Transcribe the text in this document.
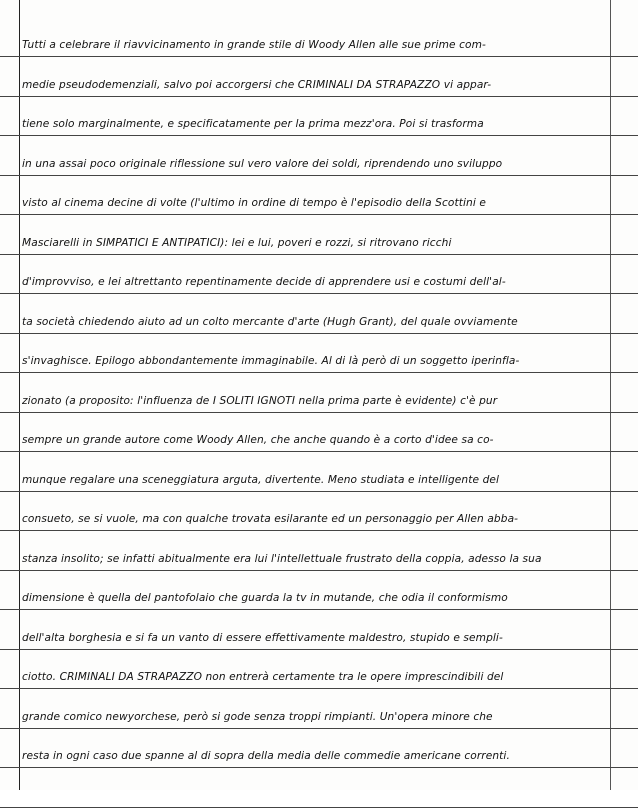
Tutti a celebrare il riavvicinamento in grande stile di Woody Allen alle sue prime com-
medie pseudodemenziali, salvo poi accorgersi che CRIMINALI DA STRAPAZZO vi appar-
tiene solo marginalmente, e specificatamente per la prima mezz'ora. Poi si trasforma
in una assai poco originale riflessione sul vero valore dei soldi, riprendendo uno sviluppo
visto al cinema decine di volte (l'ultimo in ordine di tempo è l'episodio della Scottini e
Masciarelli in SIMPATICI E ANTIPATICI): lei e lui, poveri e rozzi, si ritrovano ricchi
d'improvviso, e lei altrettanto repentinamente decide di apprendere usi e costumi dell'al-
ta società chiedendo aiuto ad un colto mercante d'arte (Hugh Grant), del quale ovviamente
s'invaghisce. Epilogo abbondantemente immaginabile. Al di là però di un soggetto iperinfla-
zionato (a proposito: l'influenza de I SOLITI IGNOTI nella prima parte è evidente) c'è pur
sempre un grande autore come Woody Allen, che anche quando è a corto d'idee sa co-
munque regalare una sceneggiatura arguta, divertente. Meno studiata e intelligente del
consueto, se si vuole, ma con qualche trovata esilarante ed un personaggio per Allen abba-
stanza insolito; se infatti abitualmente era lui l'intellettuale frustrato della coppia, adesso la sua
dimensione è quella del pantofolaio che guarda la tv in mutande, che odia il conformismo
dell'alta borghesia e si fa un vanto di essere effettivamente maldestro, stupido e sempli-
ciotto. CRIMINALI DA STRAPAZZO non entrerà certamente tra le opere imprescindibili del
grande comico newyorchese, però si gode senza troppi rimpianti. Un'opera minore che
resta in ogni caso due spanne al di sopra della media delle commedie americane correnti.
